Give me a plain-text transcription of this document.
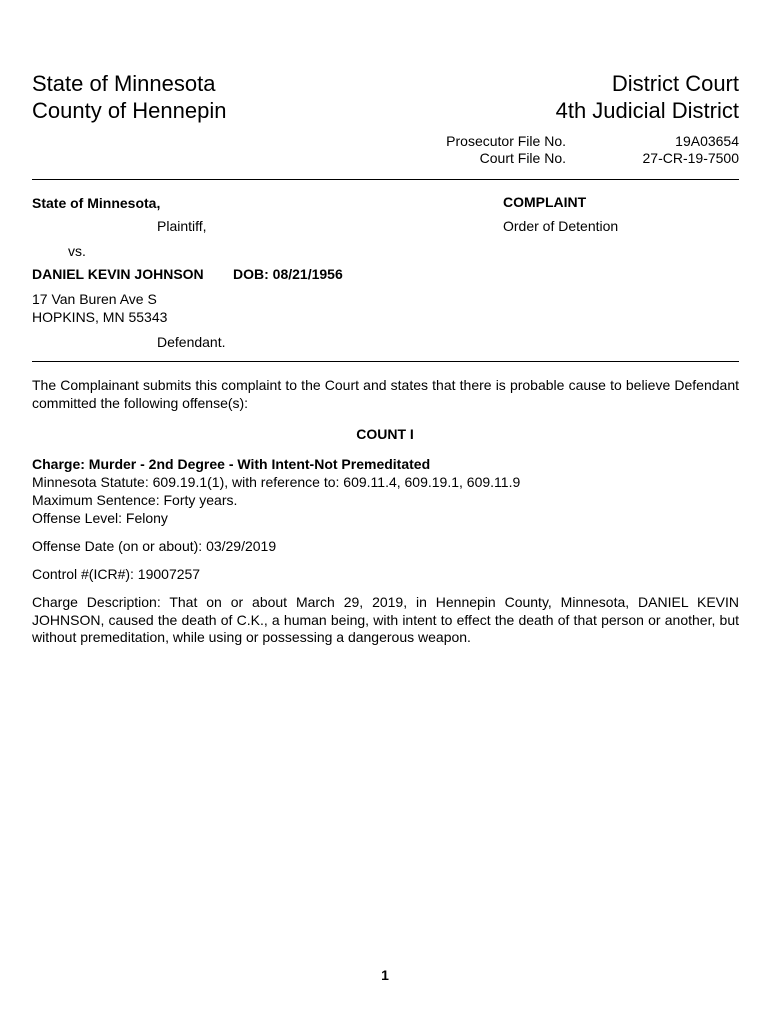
State of Minnesota
County of Hennepin
District Court
4th Judicial District
Prosecutor File No.	19A03654
Court File No.	27-CR-19-7500
State of Minnesota,
Plaintiff,
vs.
DANIEL KEVIN JOHNSON DOB: 08/21/1956
17 Van Buren Ave S
HOPKINS, MN 55343
Defendant.
COMPLAINT
Order of Detention
The Complainant submits this complaint to the Court and states that there is probable cause to believe Defendant committed the following offense(s):
COUNT I
Charge: Murder - 2nd Degree - With Intent-Not Premeditated
Minnesota Statute: 609.19.1(1), with reference to: 609.11.4, 609.19.1, 609.11.9
Maximum Sentence: Forty years.
Offense Level: Felony
Offense Date (on or about): 03/29/2019
Control #(ICR#): 19007257
Charge Description: That on or about March 29, 2019, in Hennepin County, Minnesota, DANIEL KEVIN JOHNSON, caused the death of C.K., a human being, with intent to effect the death of that person or another, but without premeditation, while using or possessing a dangerous weapon.
1
